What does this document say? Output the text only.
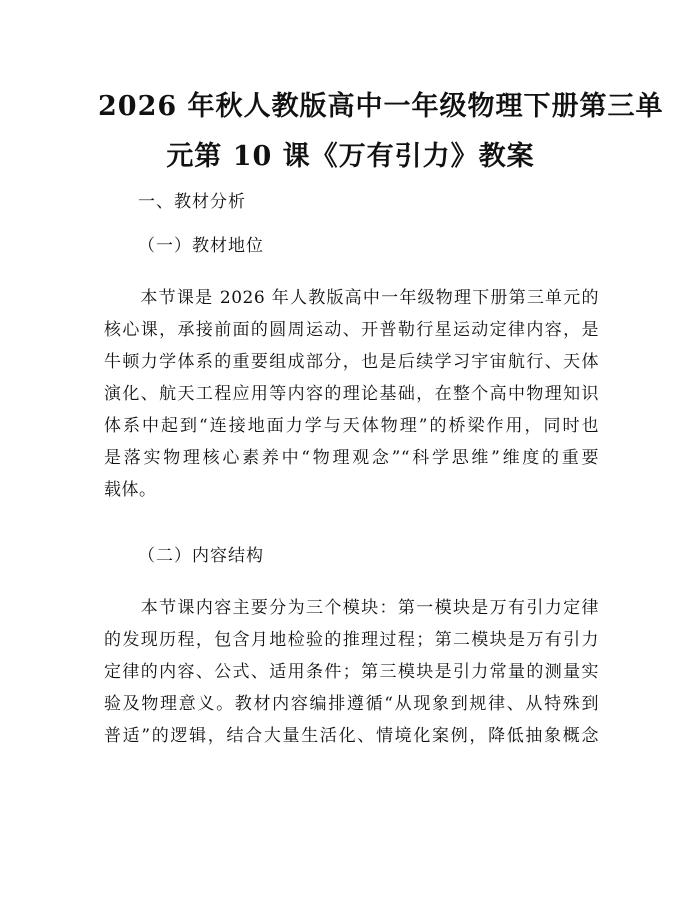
2026 年秋人教版高中一年级物理下册第三单
元第 10 课《万有引力》教案
一、教材分析
（一）教材地位
　　本节课是 2026 年人教版高中一年级物理下册第三单元的
核心课，承接前面的圆周运动、开普勒行星运动定律内容，是
牛顿力学体系的重要组成部分，也是后续学习宇宙航行、天体
演化、航天工程应用等内容的理论基础，在整个高中物理知识
体系中起到“连接地面力学与天体物理”的桥梁作用，同时也
是落实物理核心素养中“物理观念”“科学思维”维度的重要
载体。
（二）内容结构
　　本节课内容主要分为三个模块：第一模块是万有引力定律
的发现历程，包含月地检验的推理过程；第二模块是万有引力
定律的内容、公式、适用条件；第三模块是引力常量的测量实
验及物理意义。教材内容编排遵循“从现象到规律、从特殊到
普适”的逻辑，结合大量生活化、情境化案例，降低抽象概念
